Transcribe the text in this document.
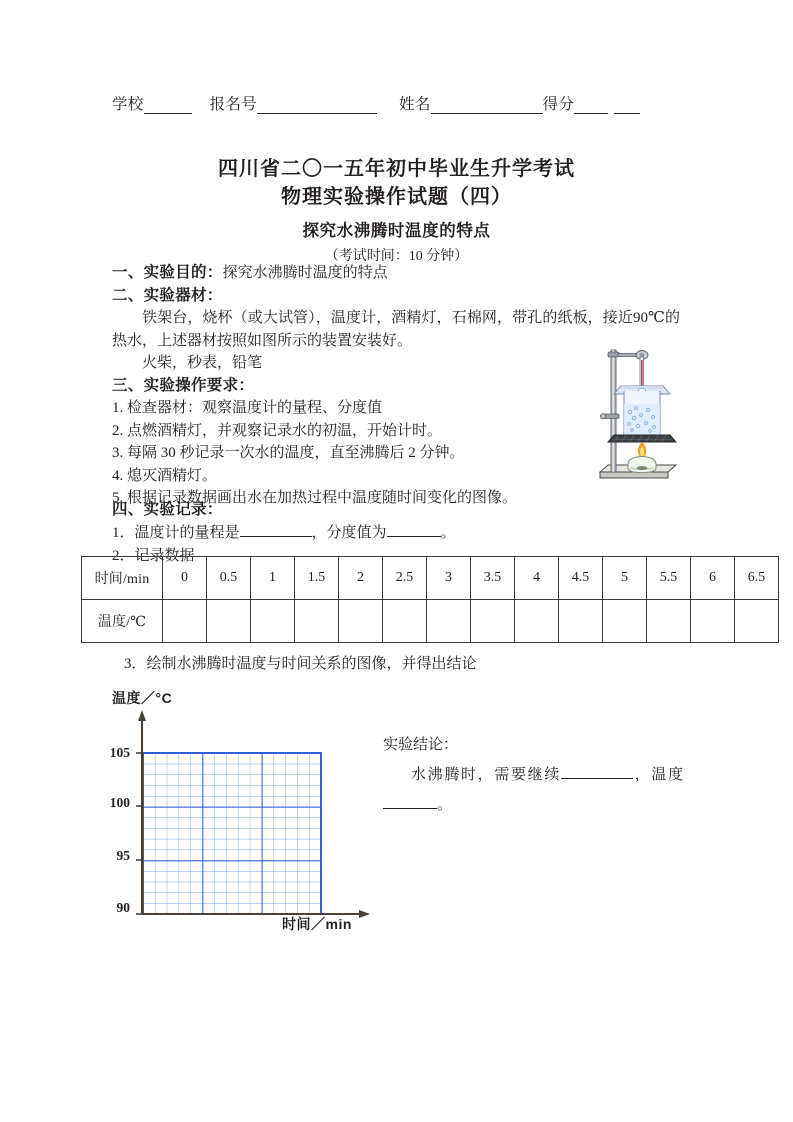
学校	报名号	姓名	得分
四川省二〇一五年初中毕业生升学考试
物理实验操作试题（四）
探究水沸腾时温度的特点
（考试时间：10 分钟）

一、实验目的：探究水沸腾时温度的特点

二、实验器材：

铁架台，烧杯（或大试管），温度计，酒精灯，石棉网，带孔的纸板，接近90℃的热水，上述器材按照如图所示的装置安装好。

火柴，秒表，铅笔

三、实验操作要求：

1. 检查器材：观察温度计的量程、分度值

2. 点燃酒精灯，并观察记录水的初温，开始计时。

3. 每隔 30 秒记录一次水的温度，直至沸腾后 2 分钟。

4. 熄灭酒精灯。

5. 根据记录数据画出水在加热过程中温度随时间变化的图像。

四、实验记录：

1．温度计的量程是	，分度值为	。

2．记录数据

时间/min	0	0.5	1	1.5	2	2.5	3	3.5	4	4.5	5	5.5	6	6.5
温度/℃														
3．绘制水沸腾时温度与时间关系的图像，并得出结论
温度／°C
时间／min
105
100
95
90

实验结论：

水沸腾时，需要继续	，温度。
